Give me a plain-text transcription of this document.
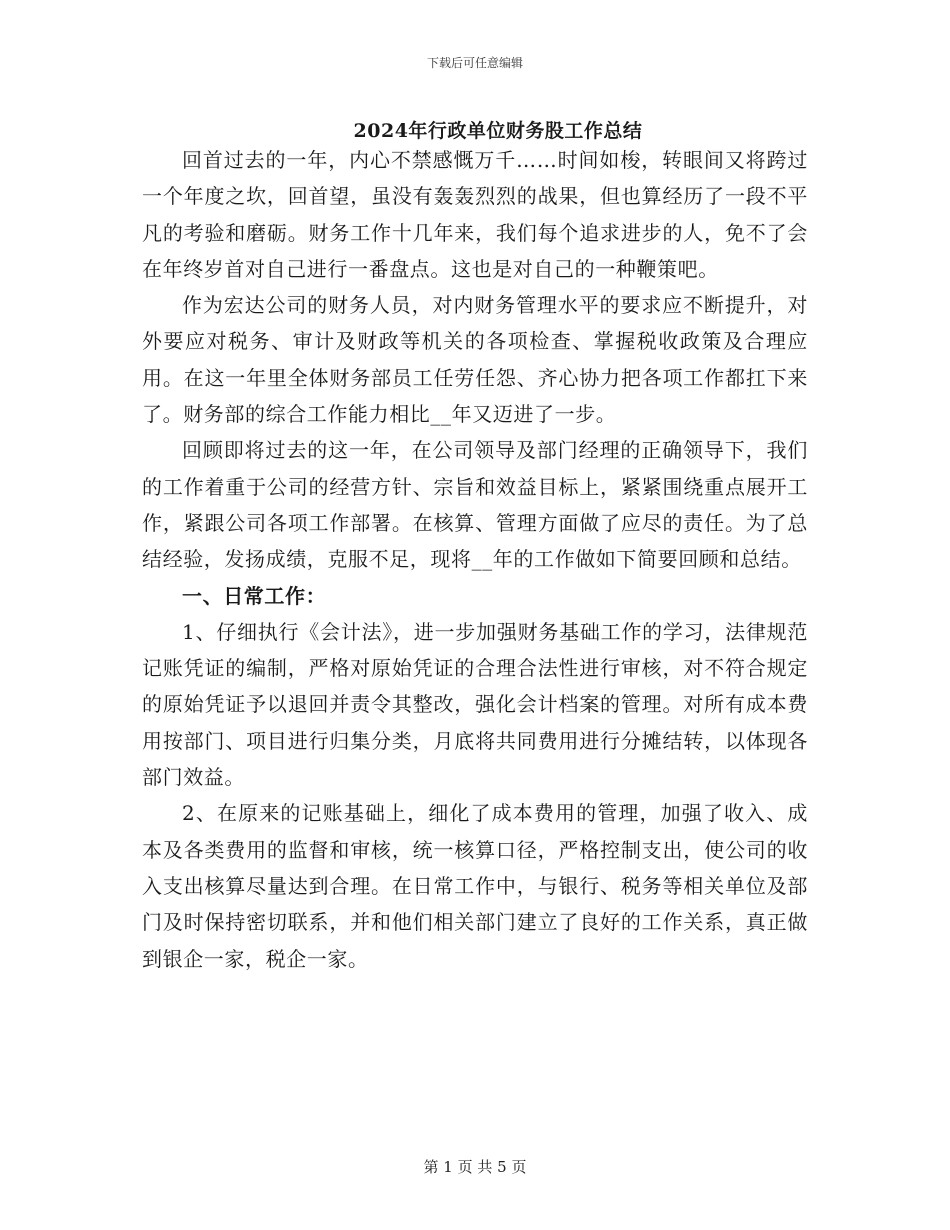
下载后可任意编辑
2024年行政单位财务股工作总结

回首过去的一年，内心不禁感慨万千……时间如梭，转眼间又将跨过一个年度之坎，回首望，虽没有轰轰烈烈的战果，但也算经历了一段不平凡的考验和磨砺。财务工作十几年来，我们每个追求进步的人，免不了会在年终岁首对自己进行一番盘点。这也是对自己的一种鞭策吧。

作为宏达公司的财务人员，对内财务管理水平的要求应不断提升，对外要应对税务、审计及财政等机关的各项检查、掌握税收政策及合理应用。在这一年里全体财务部员工任劳任怨、齐心协力把各项工作都扛下来了。财务部的综合工作能力相比__年又迈进了一步。

回顾即将过去的这一年，在公司领导及部门经理的正确领导下，我们的工作着重于公司的经营方针、宗旨和效益目标上，紧紧围绕重点展开工作，紧跟公司各项工作部署。在核算、管理方面做了应尽的责任。为了总结经验，发扬成绩，克服不足，现将__年的工作做如下简要回顾和总结。

一、日常工作：

1、仔细执行《会计法》，进一步加强财务基础工作的学习，法律规范记账凭证的编制，严格对原始凭证的合理合法性进行审核，对不符合规定的原始凭证予以退回并责令其整改，强化会计档案的管理。对所有成本费用按部门、项目进行归集分类，月底将共同费用进行分摊结转，以体现各部门效益。

2、在原来的记账基础上，细化了成本费用的管理，加强了收入、成本及各类费用的监督和审核，统一核算口径，严格控制支出，使公司的收入支出核算尽量达到合理。在日常工作中，与银行、税务等相关单位及部门及时保持密切联系，并和他们相关部门建立了良好的工作关系，真正做到银企一家，税企一家。

第 1 页 共 5 页
